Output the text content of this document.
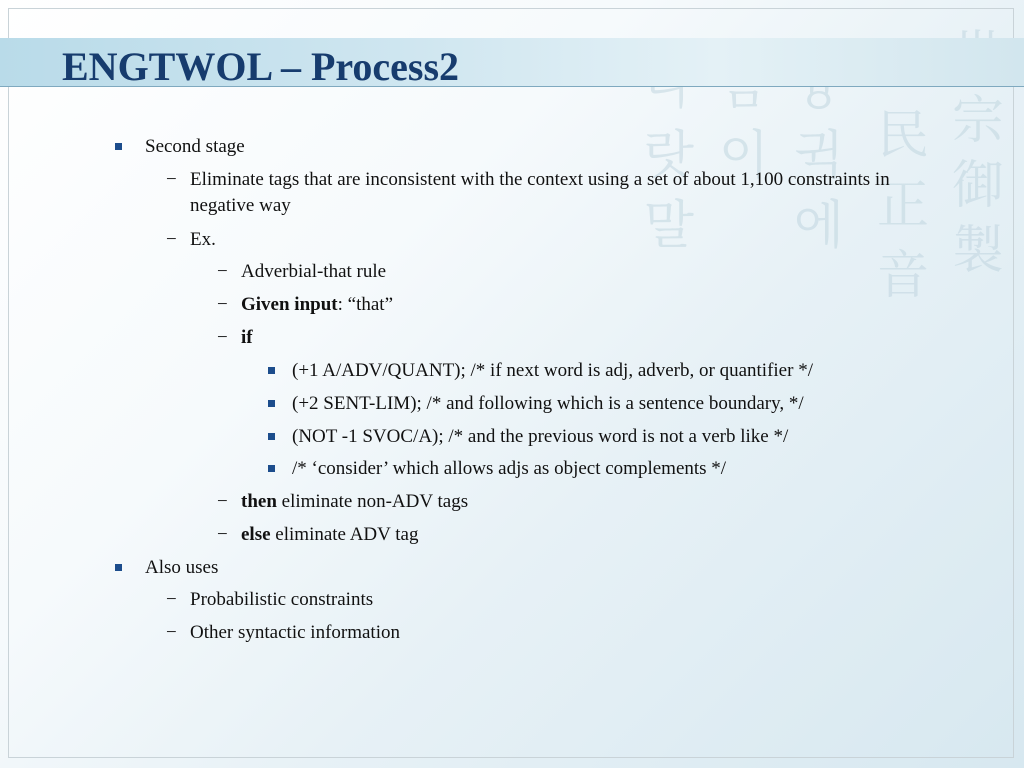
宗
御
製
民
正
音
랏
말
이 귁
에
ENGTWOL – Process2
Second stage
− Eliminate tags that are inconsistent with the context using a set of about 1,100 constraints in negative way
− Ex.
− Adverbial-that rule
− Given input: “that”
− if
(+1 A/ADV/QUANT); /* if next word is adj, adverb, or quantifier */
(+2 SENT-LIM); /* and following which is a sentence boundary, */
(NOT -1 SVOC/A); /* and the previous word is not a verb like */
/* ‘consider’ which allows adjs as object complements */
− then eliminate non-ADV tags
− else eliminate ADV tag
Also uses
− Probabilistic constraints
− Other syntactic information
